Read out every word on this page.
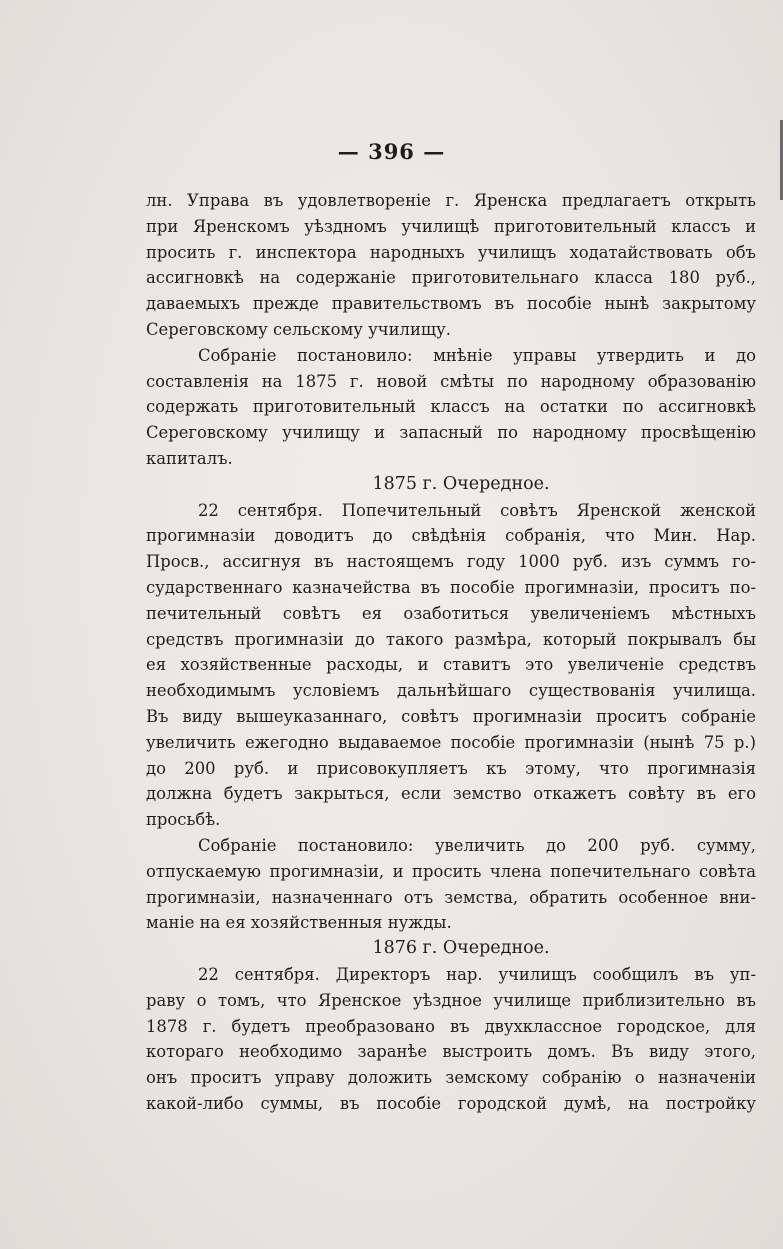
— 396 —
лн. Управа въ удовлетвореніе г. Яренска предлагаетъ открыть
при Яренскомъ уѣздномъ училищѣ приготовительный классъ и
просить г. инспектора народныхъ училищъ ходатайствовать объ
ассигновкѣ на содержаніе приготовительнаго класса 180 руб.,
даваемыхъ прежде правительствомъ въ пособіе нынѣ закрытому
Сереговскому сельскому училищу.
Собраніе постановило: мнѣніе управы утвердить и до
составленія на 1875 г. новой смѣты по народному образованію
содержать приготовительный классъ на остатки по ассигновкѣ
Сереговскому училищу и запасный по народному просвѣщенію
капиталъ.
1875 г. Очередное.
22 сентября. Попечительный совѣтъ Яренской женской
прогимназіи доводитъ до свѣдѣнія собранія, что Мин. Нар.
Просв., ассигнуя въ настоящемъ году 1000 руб. изъ суммъ го-
сударственнаго казначейства въ пособіе прогимназіи, проситъ по-
печительный совѣтъ ея озаботиться увеличеніемъ мѣстныхъ
средствъ прогимназіи до такого размѣра, который покрывалъ бы
ея хозяйственные расходы, и ставитъ это увеличеніе средствъ
необходимымъ условіемъ дальнѣйшаго существованія училища.
Въ виду вышеуказаннаго, совѣтъ прогимназіи проситъ собраніе
увеличить ежегодно выдаваемое пособіе прогимназіи (нынѣ 75 р.)
до 200 руб. и присовокупляетъ къ этому, что прогимназія
должна будетъ закрыться, если земство откажетъ совѣту въ его
просьбѣ.
Собраніе постановило: увеличить до 200 руб. сумму,
отпускаемую прогимназіи, и просить члена попечительнаго совѣта
прогимназіи, назначеннаго отъ земства, обратить особенное вни-
маніе на ея хозяйственныя нужды.
1876 г. Очередное.
22 сентября. Директоръ нар. училищъ сообщилъ въ уп-
раву о томъ, что Яренское уѣздное училище приблизительно въ
1878 г. будетъ преобразовано въ двухклассное городское, для
котораго необходимо заранѣе выстроить домъ. Въ виду этого,
онъ проситъ управу доложить земскому собранію о назначеніи
какой-либо суммы, въ пособіе городской думѣ, на постройку
